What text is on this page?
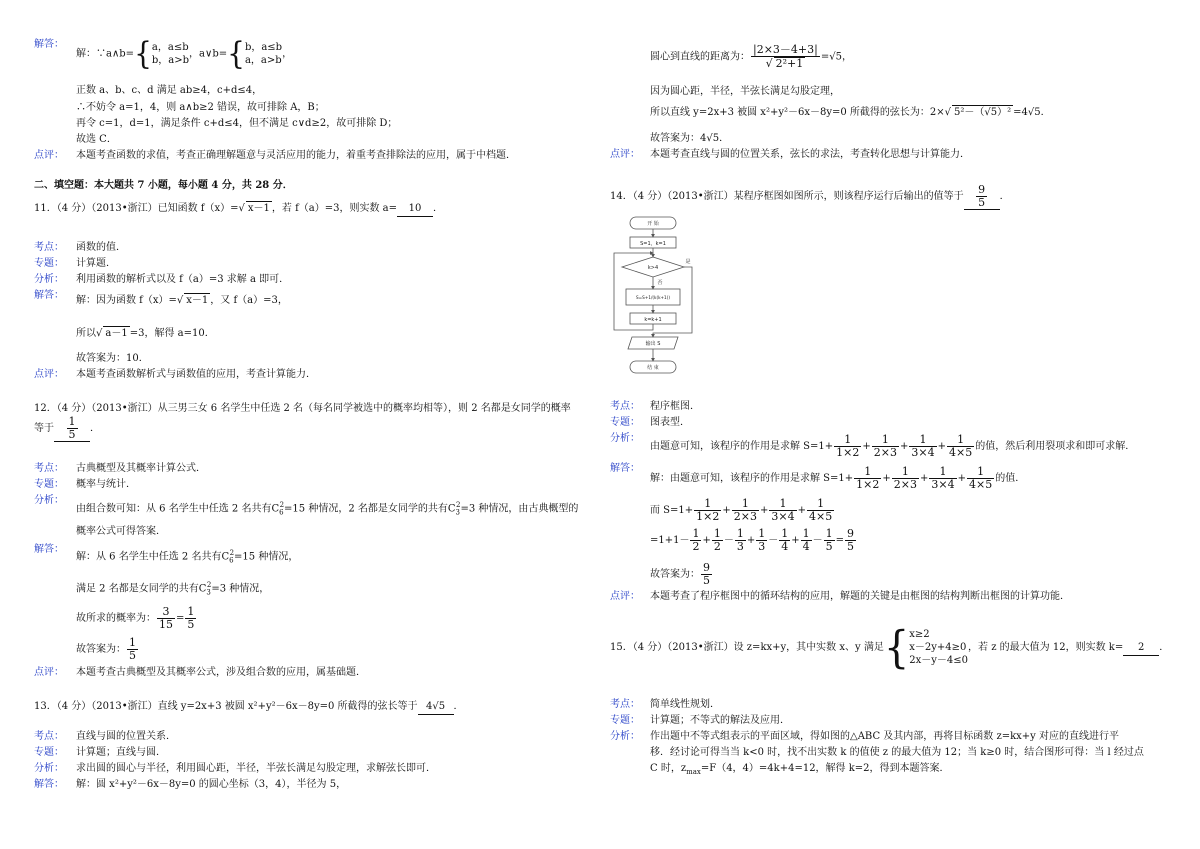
解答：
解：∵a∧b={a，a≤b
b，a>b，a∨b={b，a≤b
a，a>b，
正数 a、b、c、d 满足 ab≥4，c+d≤4，
∴不妨令 a=1，4，则 a∧b≥2 错误，故可排除 A，B；
再令 c=1，d=1，满足条件 c+d≤4，但不满足 c∨d≥2，故可排除 D；
故选 C．
点评： 本题考查函数的求值，考查正确理解题意与灵活应用的能力，着重考查排除法的应用，属于中档题．
二、填空题：本大题共 7 小题，每小题 4 分，共 28 分．
11．（4 分）（2013•浙江）已知函数 f（x）=√ x－1 ，若 f（a）=3，则实数 a= 10 ．
考点： 函数的值．
专题： 计算题．
分析： 利用函数的解析式以及 f（a）=3 求解 a 即可．
解答： 解：因为函数 f（x）=√ x－1 ，又 f（a）=3，
所以√ a－1 =3，解得 a=10．
故答案为：10．
点评： 本题考查函数解析式与函数值的应用，考查计算能力．
12．（4 分）（2013•浙江）从三男三女 6 名学生中任选 2 名（每名同学被选中的概率均相等），则 2 名都是女同学的概率
等于 $\frac{1}{5}$ ．
考点： 古典概型及其概率计算公式．
专题： 概率与统计．
分析：
由组合数可知：从 6 名学生中任选 2 名共有$C_6^2=15$ 种情况，2 名都是女同学的共有$C_3^2=3$ 种情况，由古典概型的
概率公式可得答案．
解答：
解：从 6 名学生中任选 2 名共有$C_6^2=15$ 种情况，
满足 2 名都是女同学的共有$C_3^2=3$ 种情况，
故所求的概率为： $\frac{3}{15} = \frac{1}{5}$
故答案为： $\frac{1}{5}$
点评： 本题考查古典概型及其概率公式，涉及组合数的应用，属基础题．
13．（4 分）（2013•浙江）直线 y=2x+3 被圆 x²+y²－6x－8y=0 所截得的弦长等于 4√5 ．
考点： 直线与圆的位置关系．
专题： 计算题；直线与圆．
分析： 求出圆的圆心与半径，利用圆心距，半径，半弦长满足勾股定理，求解弦长即可．
解答： 解：圆 x²+y²－6x－8y=0 的圆心坐标（3，4），半径为 5，
圆心到直线的距离为： $\frac{|2\times 3-4+3|}{\text{√ 2²+1}} =√5$，
因为圆心距，半径，半弦长满足勾股定理，
所以直线 y=2x+3 被圆 x²+y²－6x－8y=0 所截得的弦长为：2×√ 5²－（√5）² =4√5．
故答案为：4√5．
点评： 本题考查直线与圆的位置关系，弦长的求法，考查转化思想与计算能力．
14．（4 分）（2013•浙江）某程序框图如图所示，则该程序运行后输出的值等于 $\frac{9}{5}$ ．
考点： 程序框图．
专题： 图表型．
分析：
由题意可知，该程序的作用是求解 $S=1+ \frac{1}{1\times 2} + \frac{1}{2\times 3} + \frac{1}{3\times 4} + \frac{1}{4\times 5}$ 的值，然后利用裂项求和即可求解．
解答：
解：由题意可知，该程序的作用是求解 $S=1+ \frac{1}{1\times 2} + \frac{1}{2\times 3} + \frac{1}{3\times 4} + \frac{1}{4\times 5}$ 的值．
而 $S=1+ \frac{1}{1\times 2} + \frac{1}{2\times 3} + \frac{1}{3\times 4} + \frac{1}{4\times 5}$
$=1+1- \frac{1}{2} + \frac{1}{2} - \frac{1}{3} + \frac{1}{3} - \frac{1}{4} + \frac{1}{4} - \frac{1}{5} = \frac{9}{5}$
故答案为： $\frac{9}{5}$
点评： 本题考查了程序框图中的循环结构的应用，解题的关键是由框图的结构判断出框图的计算功能．
15．（4 分）（2013•浙江）设 z=kx+y，其中实数 x、y 满足{x≥2
x－2y+4≥0
2x－y－4≤0，若 z 的最大值为 12，则实数 k= 2 ．
考点： 简单线性规划．
专题： 计算题；不等式的解法及应用．
分析： 作出题中不等式组表示的平面区域，得如图的△ABC 及其内部，再将目标函数 z=kx+y 对应的直线进行平
移．经讨论可得当当 k<0 时，找不出实数 k 的值使 z 的最大值为 12；当 k≥0 时，结合图形可得：当 l 经过点
C 时，$z_{max}=F(4$，4）=4k+4=12，解得 k=2，得到本题答案．
开 始
S=1，k=1
k>4
是
否
S=S+1/(k(k+1))
k=k+1
输出 S
结 束
